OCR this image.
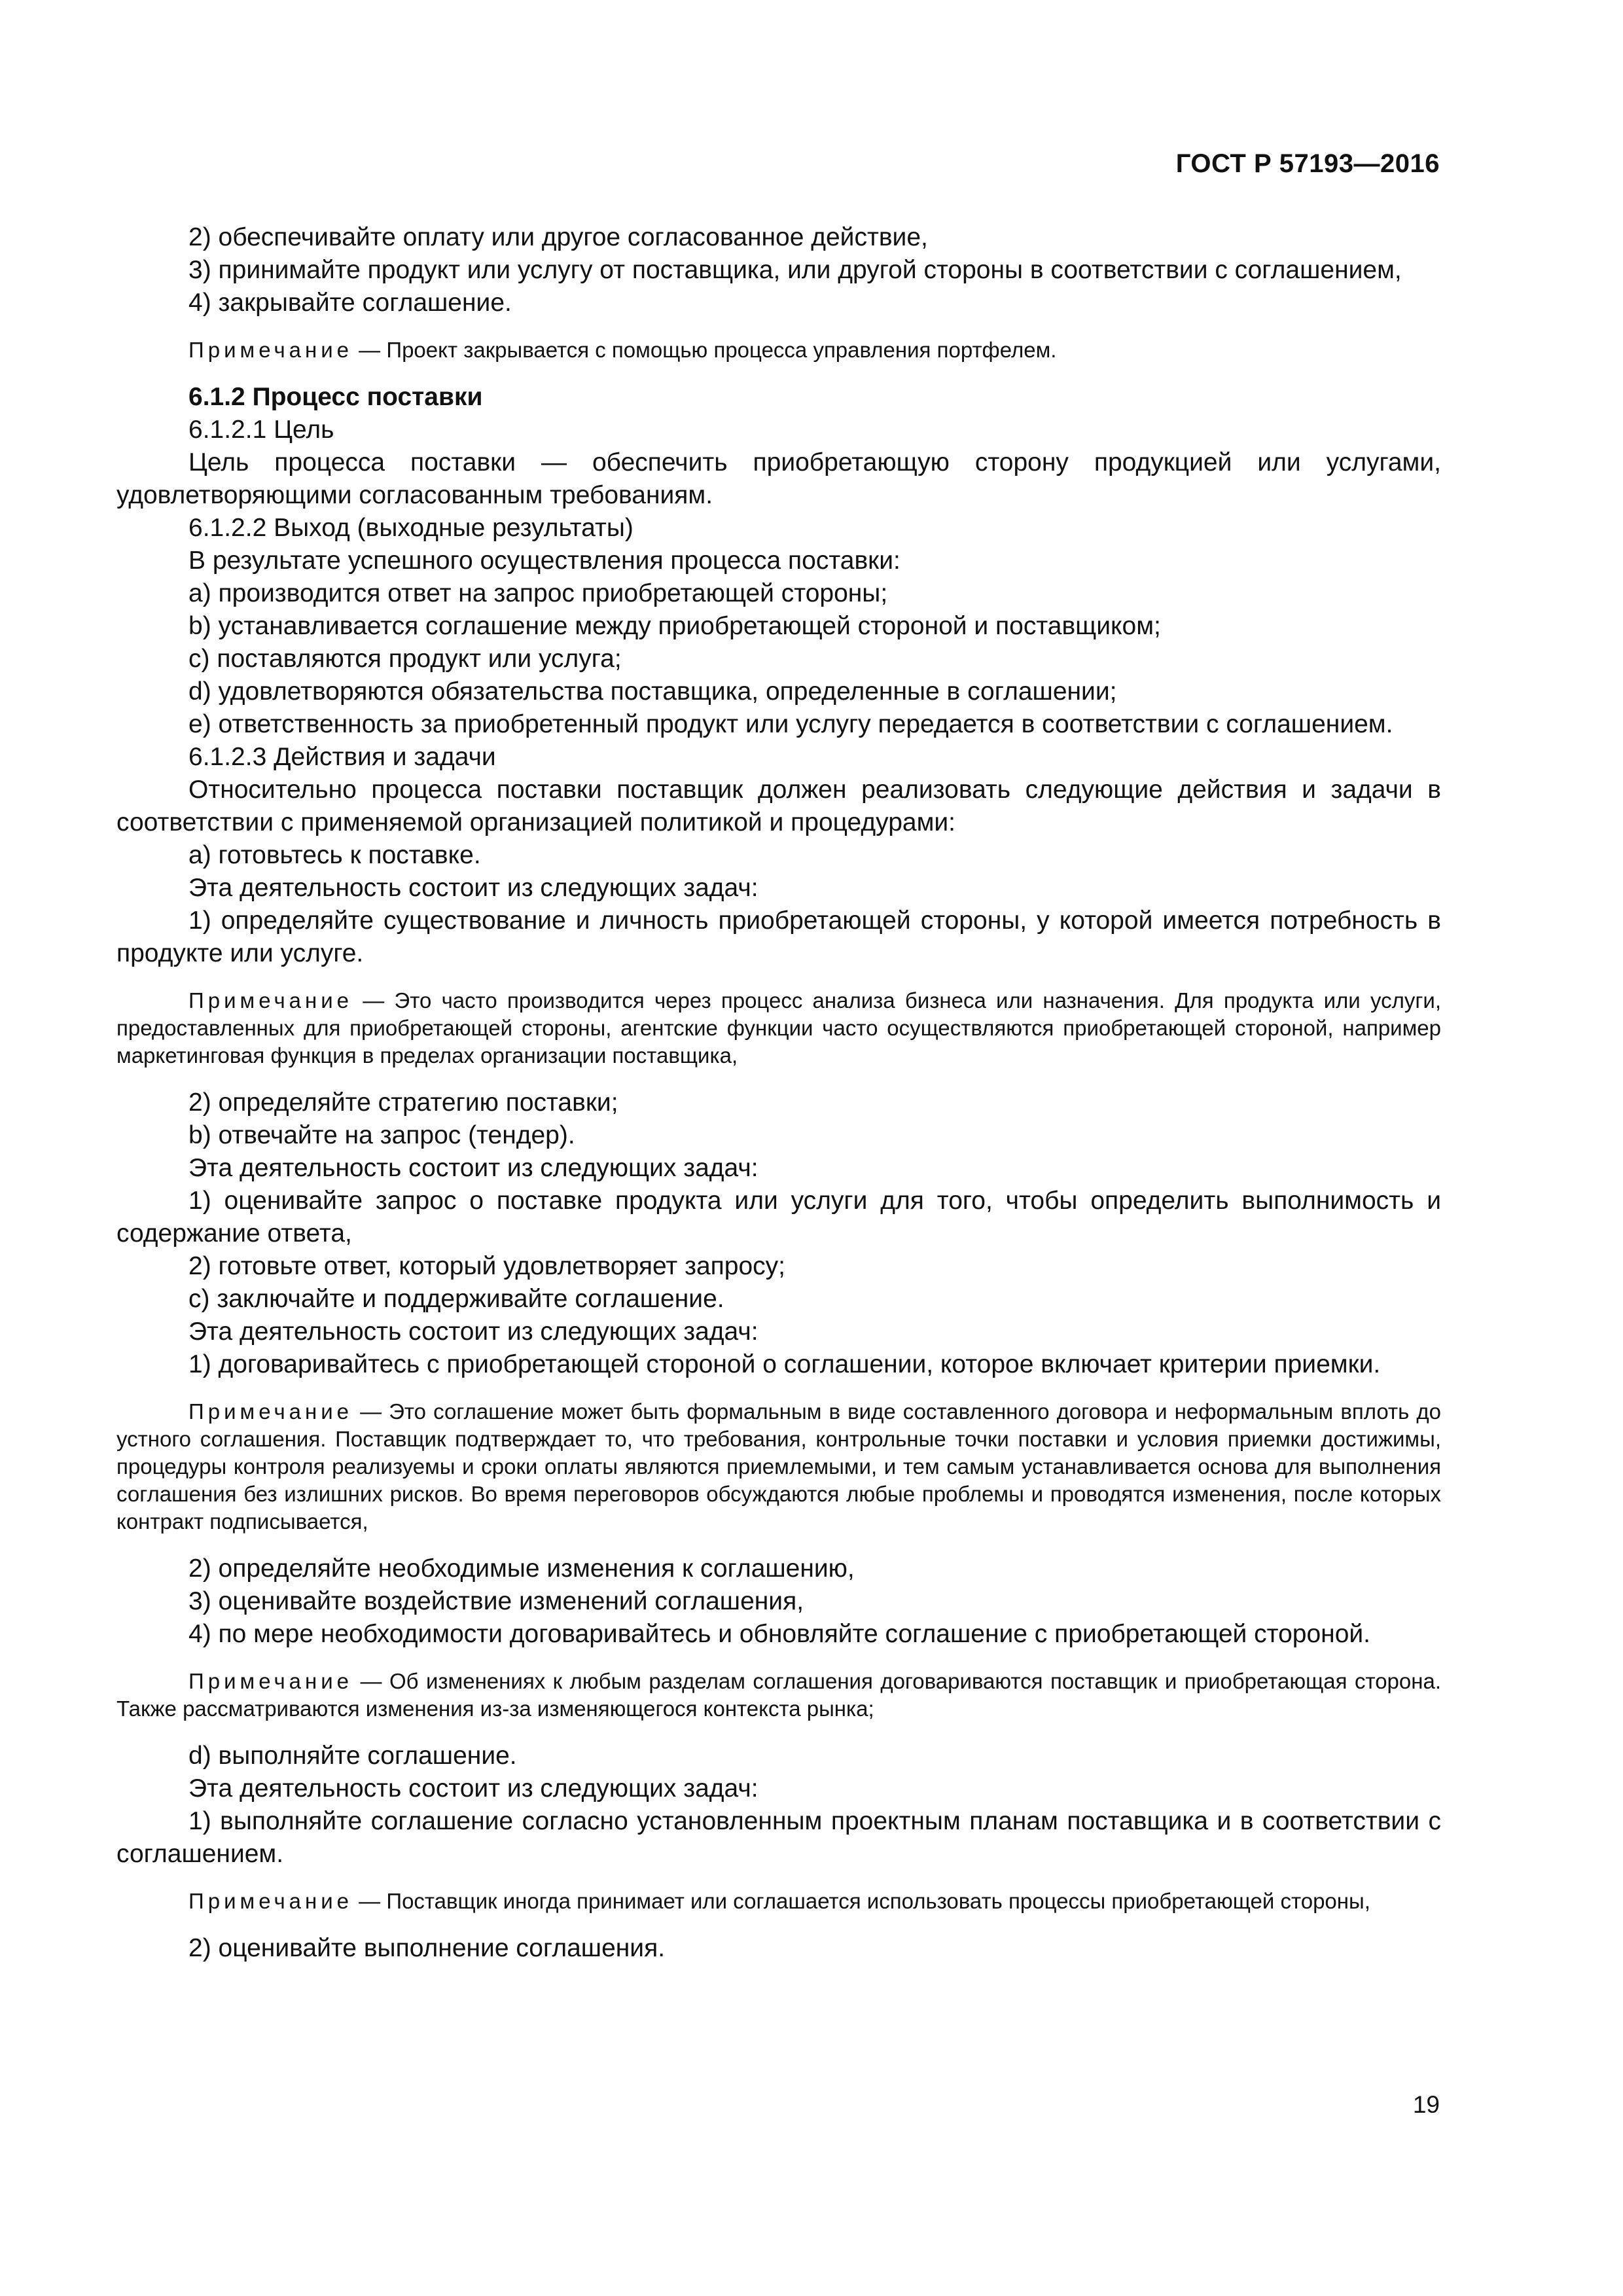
ГОСТ Р 57193—2016

2) обеспечивайте оплату или другое согласованное действие,

3) принимайте продукт или услугу от поставщика, или другой стороны в соответствии с соглашением,

4) закрывайте соглашение.

Примечание — Проект закрывается с помощью процесса управления портфелем.

6.1.2 Процесс поставки

6.1.2.1 Цель

Цель процесса поставки — обеспечить приобретающую сторону продукцией или услугами, удовлетворяющими согласованным требованиям.

6.1.2.2 Выход (выходные результаты)

В результате успешного осуществления процесса поставки:

a) производится ответ на запрос приобретающей стороны;

b) устанавливается соглашение между приобретающей стороной и поставщиком;

c) поставляются продукт или услуга;

d) удовлетворяются обязательства поставщика, определенные в соглашении;

e) ответственность за приобретенный продукт или услугу передается в соответствии с соглашением.

6.1.2.3 Действия и задачи

Относительно процесса поставки поставщик должен реализовать следующие действия и задачи в соответствии с применяемой организацией политикой и процедурами:

a) готовьтесь к поставке.

Эта деятельность состоит из следующих задач:

1) определяйте существование и личность приобретающей стороны, у которой имеется потребность в продукте или услуге.

Примечание — Это часто производится через процесс анализа бизнеса или назначения. Для продукта или услуги, предоставленных для приобретающей стороны, агентские функции часто осуществляются приобретающей стороной, например маркетинговая функция в пределах организации поставщика,

2) определяйте стратегию поставки;

b) отвечайте на запрос (тендер).

Эта деятельность состоит из следующих задач:

1) оценивайте запрос о поставке продукта или услуги для того, чтобы определить выполнимость и содержание ответа,

2) готовьте ответ, который удовлетворяет запросу;

c) заключайте и поддерживайте соглашение.

Эта деятельность состоит из следующих задач:

1) договаривайтесь с приобретающей стороной о соглашении, которое включает критерии приемки.

Примечание — Это соглашение может быть формальным в виде составленного договора и неформальным вплоть до устного соглашения. Поставщик подтверждает то, что требования, контрольные точки поставки и условия приемки достижимы, процедуры контроля реализуемы и сроки оплаты являются приемлемыми, и тем самым устанавливается основа для выполнения соглашения без излишних рисков. Во время переговоров обсуждаются любые проблемы и проводятся изменения, после которых контракт подписывается,

2) определяйте необходимые изменения к соглашению,

3) оценивайте воздействие изменений соглашения,

4) по мере необходимости договаривайтесь и обновляйте соглашение с приобретающей стороной.

Примечание — Об изменениях к любым разделам соглашения договариваются поставщик и приобретающая сторона. Также рассматриваются изменения из-за изменяющегося контекста рынка;

d) выполняйте соглашение.

Эта деятельность состоит из следующих задач:

1) выполняйте соглашение согласно установленным проектным планам поставщика и в соответствии с соглашением.

Примечание — Поставщик иногда принимает или соглашается использовать процессы приобретающей стороны,

2) оценивайте выполнение соглашения.

19
